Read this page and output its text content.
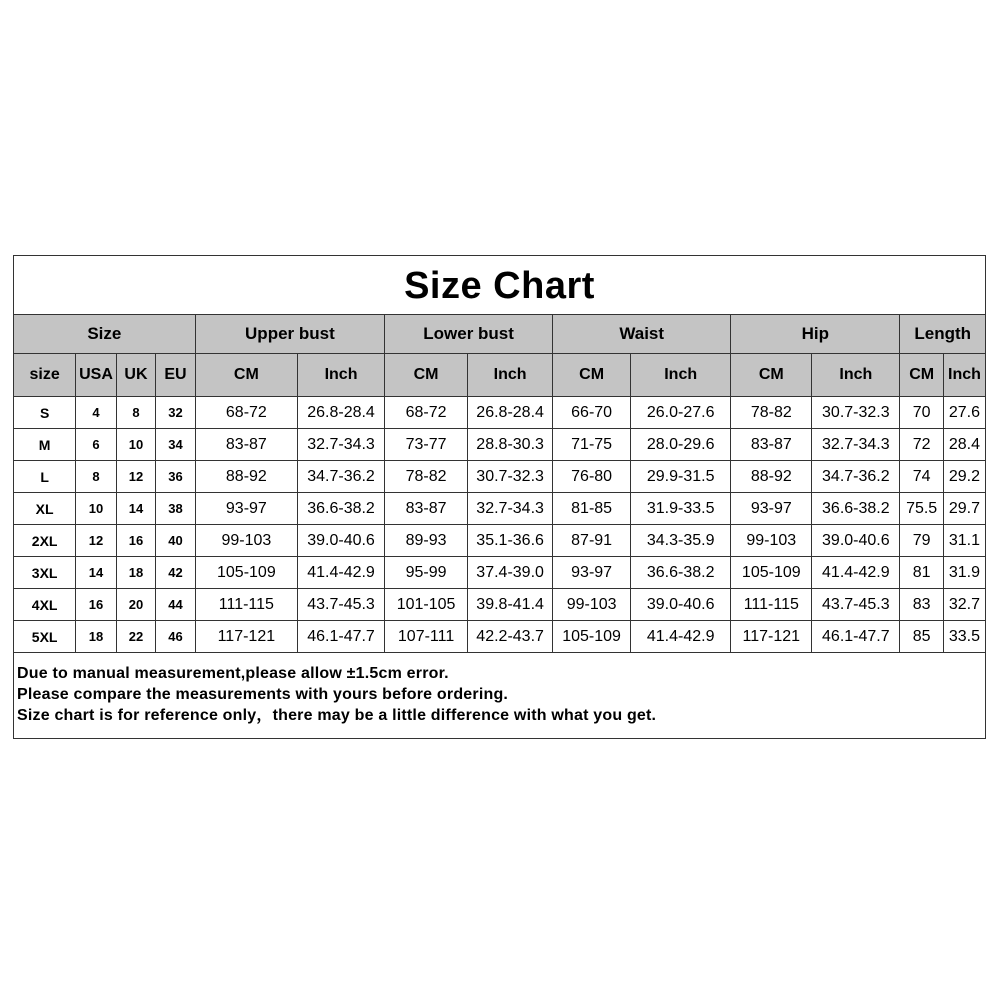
Size Chart
Size				Upper bust		Lower bust		Waist		Hip		Length	
size	USA	UK	EU	CM	Inch	CM	Inch	CM	Inch	CM	Inch	CM	Inch
S	4	8	32	68-72	26.8-28.4	68-72	26.8-28.4	66-70	26.0-27.6	78-82	30.7-32.3	70	27.6
M	6	10	34	83-87	32.7-34.3	73-77	28.8-30.3	71-75	28.0-29.6	83-87	32.7-34.3	72	28.4
L	8	12	36	88-92	34.7-36.2	78-82	30.7-32.3	76-80	29.9-31.5	88-92	34.7-36.2	74	29.2
XL	10	14	38	93-97	36.6-38.2	83-87	32.7-34.3	81-85	31.9-33.5	93-97	36.6-38.2	75.5	29.7
2XL	12	16	40	99-103	39.0-40.6	89-93	35.1-36.6	87-91	34.3-35.9	99-103	39.0-40.6	79	31.1
3XL	14	18	42	105-109	41.4-42.9	95-99	37.4-39.0	93-97	36.6-38.2	105-109	41.4-42.9	81	31.9
4XL	16	20	44	111-115	43.7-45.3	101-105	39.8-41.4	99-103	39.0-40.6	111-115	43.7-45.3	83	32.7
5XL	18	22	46	117-121	46.1-47.7	107-111	42.2-43.7	105-109	41.4-42.9	117-121	46.1-47.7	85	33.5
Due to manual measurement,please allow ±1.5cm error.
Please compare the measurements with yours before ordering.
Size chart is for reference only，there may be a little difference with what you get.
